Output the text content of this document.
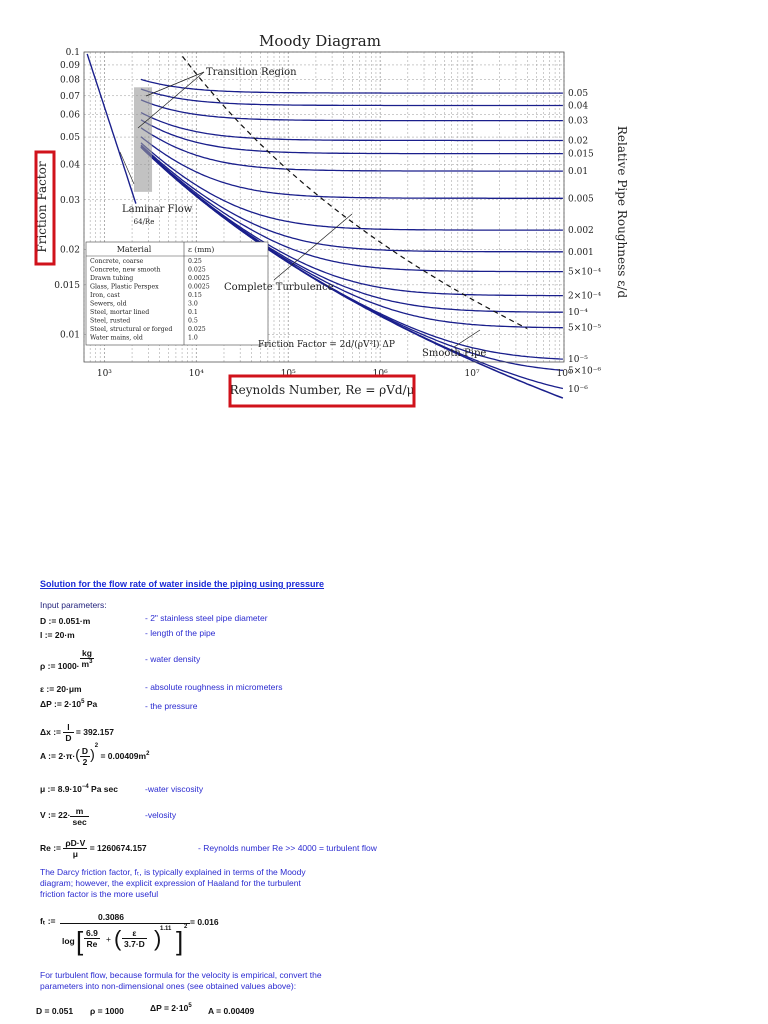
0.1
0.09
0.08
0.07
0.06
0.05
0.04
0.03
0.02
0.015
0.01
10³	10⁴	10⁵	10⁶	10⁷	10⁸
0.05
0.04
0.03
0.02
0.015
0.01
0.005
0.002
0.001
5×10⁻⁴
2×10⁻⁴
10⁻⁴
5×10⁻⁵
10⁻⁵
5×10⁻⁶
10⁻⁶
Material	ε (mm)
Concrete, coarse	0.25
Concrete, new smooth	0.025
Drawn tubing	0.0025
Glass, Plastic Perspex	0.0025
Iron, cast	0.15
Sewers, old	3.0
Steel, mortar lined	0.1
Steel, rusted	0.5
Steel, structural or forged	0.025
Water mains, old	1.0
Transition Region
Laminar Flow
64/Re
Complete Turbulence
Friction Factor = 2d/(ρV²l) ΔP
Smooth Pipe
Friction Factor	Relative Pipe Roughness ε/d
Reynolds Number, Re = ρVd/μ
Moody Diagram
Solution for the flow rate of water inside the piping using pressure
Input parameters:
D := 0.051·m	- 2" stainless steel pipe diameter
l := 20·m	- length of the pipe
ρ := $1000\cdot \frac{kg}{m^3}$	- water density
ε := 20·μm	- absolute roughness in micrometers
ΔP := $2\cdot 10^5$ Pa	- the pressure
Δx := $\frac{l}{D} = 392.157$
A := $2\cdot\pi\cdot( \frac{D}{2} )^2 = 0.00409m^2$
μ := $8.9\cdot 10^{-4}$ Pa sec	-water viscosity
V := $22\cdot \frac{m}{\sec}$	-velosity
Re := $\frac{\rho D\cdot V}{\mu} = 1260674.157$	- Reynolds number Re >> 4000 = turbulent flow
The Darcy friction factor, fₜ, is typically explained in terms of the Moody
diagram; however, the explicit expression of Haaland for the turbulent
friction factor is the more useful
fₜ :=	0.3086
log [ $\frac{6.9}{Re}$ + ( $\frac{\varepsilon}{3.7\cdot D}$ )
1.11 ] 2 = 0.016
For turbulent flow, because formula for the velocity is empirical, convert the
parameters into non-dimensional ones (see obtained values above):
D = 0.051 ρ = 1000	$\Delta P = 2\cdot 10^5$ A = 0.00409
